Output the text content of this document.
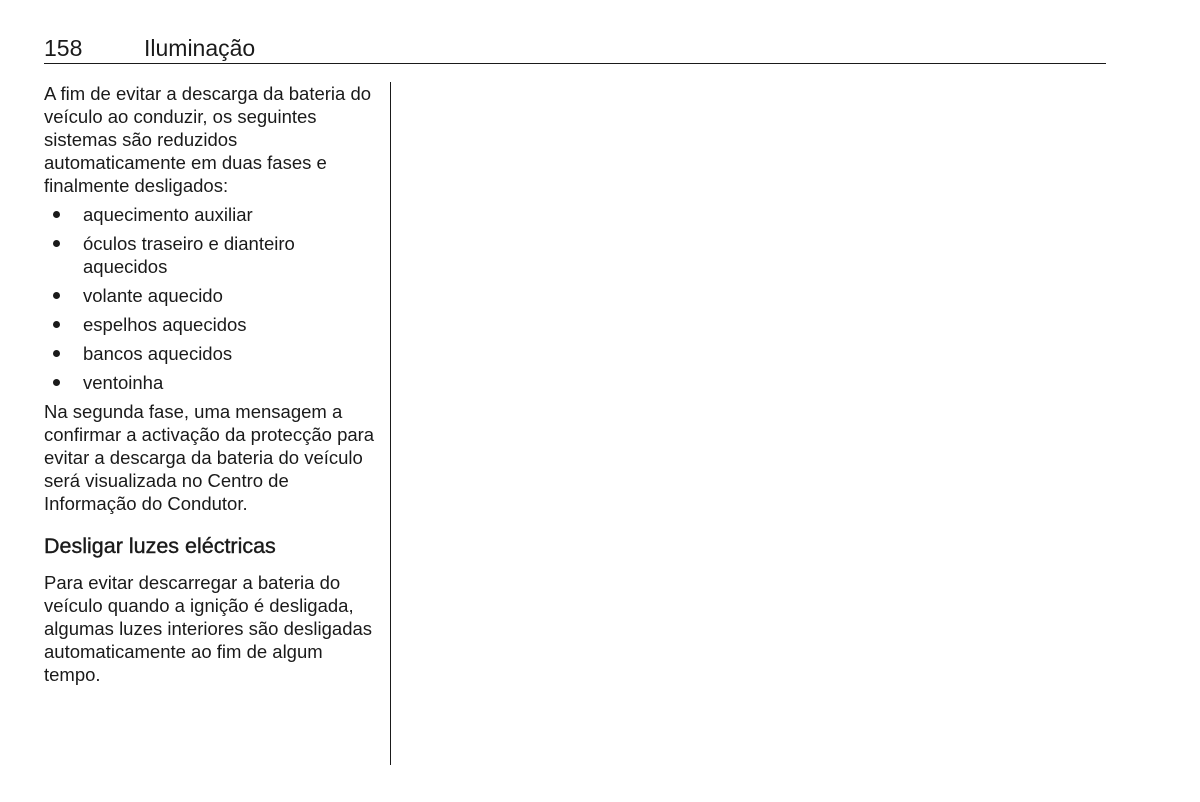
158	Iluminação

A fim de evitar a descarga da bateria do veículo ao conduzir, os seguintes sistemas são reduzidos automaticamente em duas fases e finalmente desligados:

aquecimento auxiliar
óculos traseiro e dianteiro aquecidos
volante aquecido
espelhos aquecidos
bancos aquecidos
ventoinha

Na segunda fase, uma mensagem a confirmar a activação da protecção para evitar a descarga da bateria do veículo será visualizada no Centro de Informação do Condutor.

Desligar luzes eléctricas

Para evitar descarregar a bateria do veículo quando a ignição é desligada, algumas luzes interiores são desligadas automaticamente ao fim de algum tempo.
